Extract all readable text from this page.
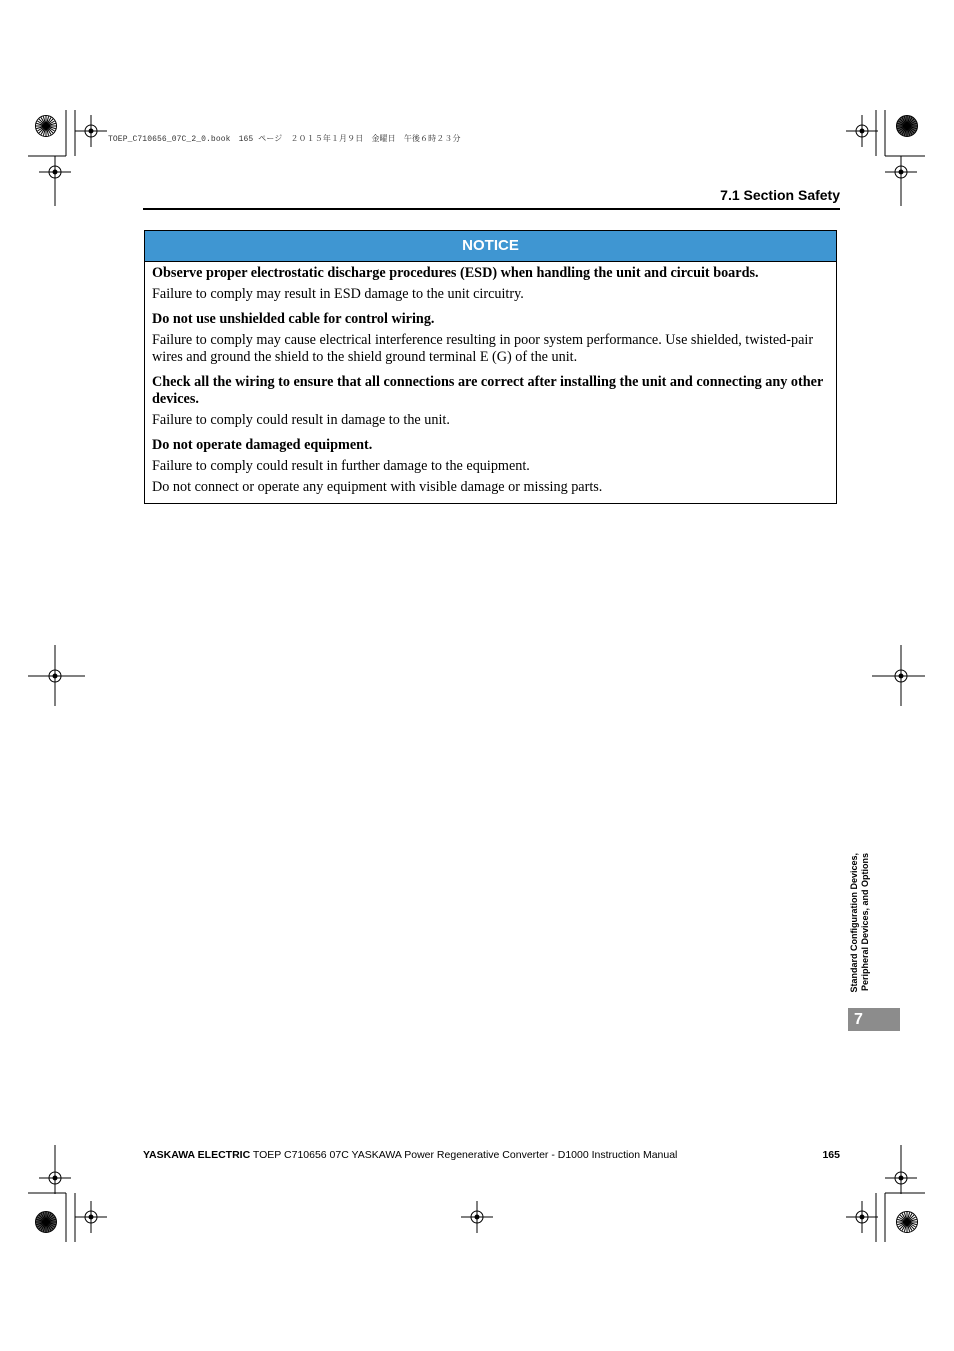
TOEP_C710656_07C_2_0.book　165 ページ　２０１５年１月９日　金曜日　午後６時２３分
7.1 Section Safety
NOTICE
Observe proper electrostatic discharge procedures (ESD) when handling the unit and circuit boards.
Failure to comply may result in ESD damage to the unit circuitry.
Do not use unshielded cable for control wiring.
Failure to comply may cause electrical interference resulting in poor system performance. Use shielded, twisted-pair wires and ground the shield to the shield ground terminal E (G) of the unit.
Check all the wiring to ensure that all connections are correct after installing the unit and connecting any other devices.
Failure to comply could result in damage to the unit.
Do not operate damaged equipment.
Failure to comply could result in further damage to the equipment.
Do not connect or operate any equipment with visible damage or missing parts.
Standard Configuration Devices, Peripheral Devices, and Options
7
YASKAWA ELECTRIC TOEP C710656 07C YASKAWA Power Regenerative Converter - D1000 Instruction Manual	165
